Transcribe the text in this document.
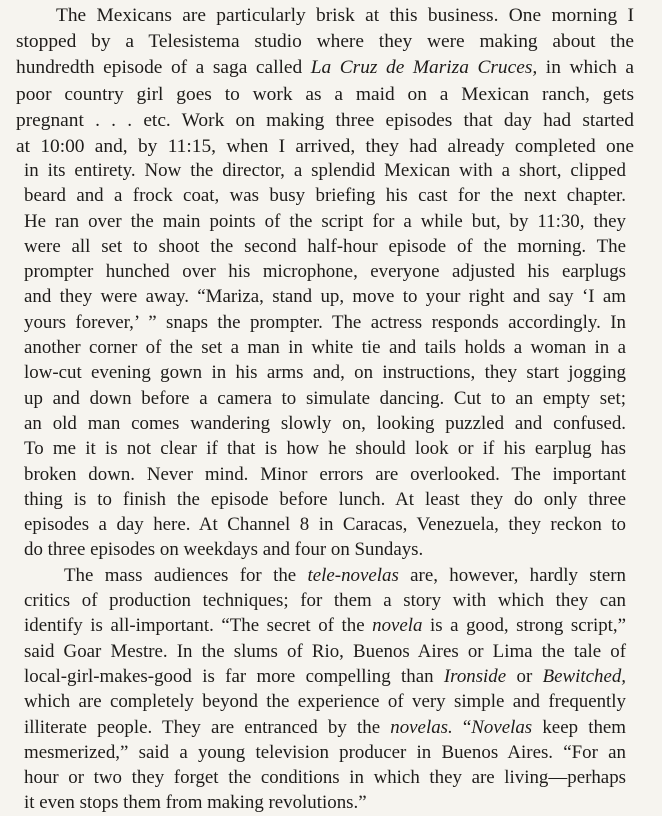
The Mexicans are particularly brisk at this business. One morning I
stopped by a Telesistema studio where they were making about the
hundredth episode of a saga called La Cruz de Mariza Cruces, in which a
poor country girl goes to work as a maid on a Mexican ranch, gets
pregnant . . . etc. Work on making three episodes that day had started
at 10:00 and, by 11:15, when I arrived, they had already completed one

in its entirety. Now the director, a splendid Mexican with a short, clipped
beard and a frock coat, was busy briefing his cast for the next chapter.
He ran over the main points of the script for a while but, by 11:30, they
were all set to shoot the second half-hour episode of the morning. The
prompter hunched over his microphone, everyone adjusted his earplugs
and they were away. “Mariza, stand up, move to your right and say ‘I am
yours forever,’ ” snaps the prompter. The actress responds accordingly. In
another corner of the set a man in white tie and tails holds a woman in a
low-cut evening gown in his arms and, on instructions, they start jogging
up and down before a camera to simulate dancing. Cut to an empty set;
an old man comes wandering slowly on, looking puzzled and confused.
To me it is not clear if that is how he should look or if his earplug has
broken down. Never mind. Minor errors are overlooked. The important
thing is to finish the episode before lunch. At least they do only three
episodes a day here. At Channel 8 in Caracas, Venezuela, they reckon to
do three episodes on weekdays and four on Sundays.

The mass audiences for the tele-novelas are, however, hardly stern
critics of production techniques; for them a story with which they can
identify is all-important. “The secret of the novela is a good, strong script,”
said Goar Mestre. In the slums of Rio, Buenos Aires or Lima the tale of
local-girl-makes-good is far more compelling than Ironside or Bewitched,
which are completely beyond the experience of very simple and frequently
illiterate people. They are entranced by the novelas. “Novelas keep them
mesmerized,” said a young television producer in Buenos Aires. “For an
hour or two they forget the conditions in which they are living—perhaps
it even stops them from making revolutions.”
